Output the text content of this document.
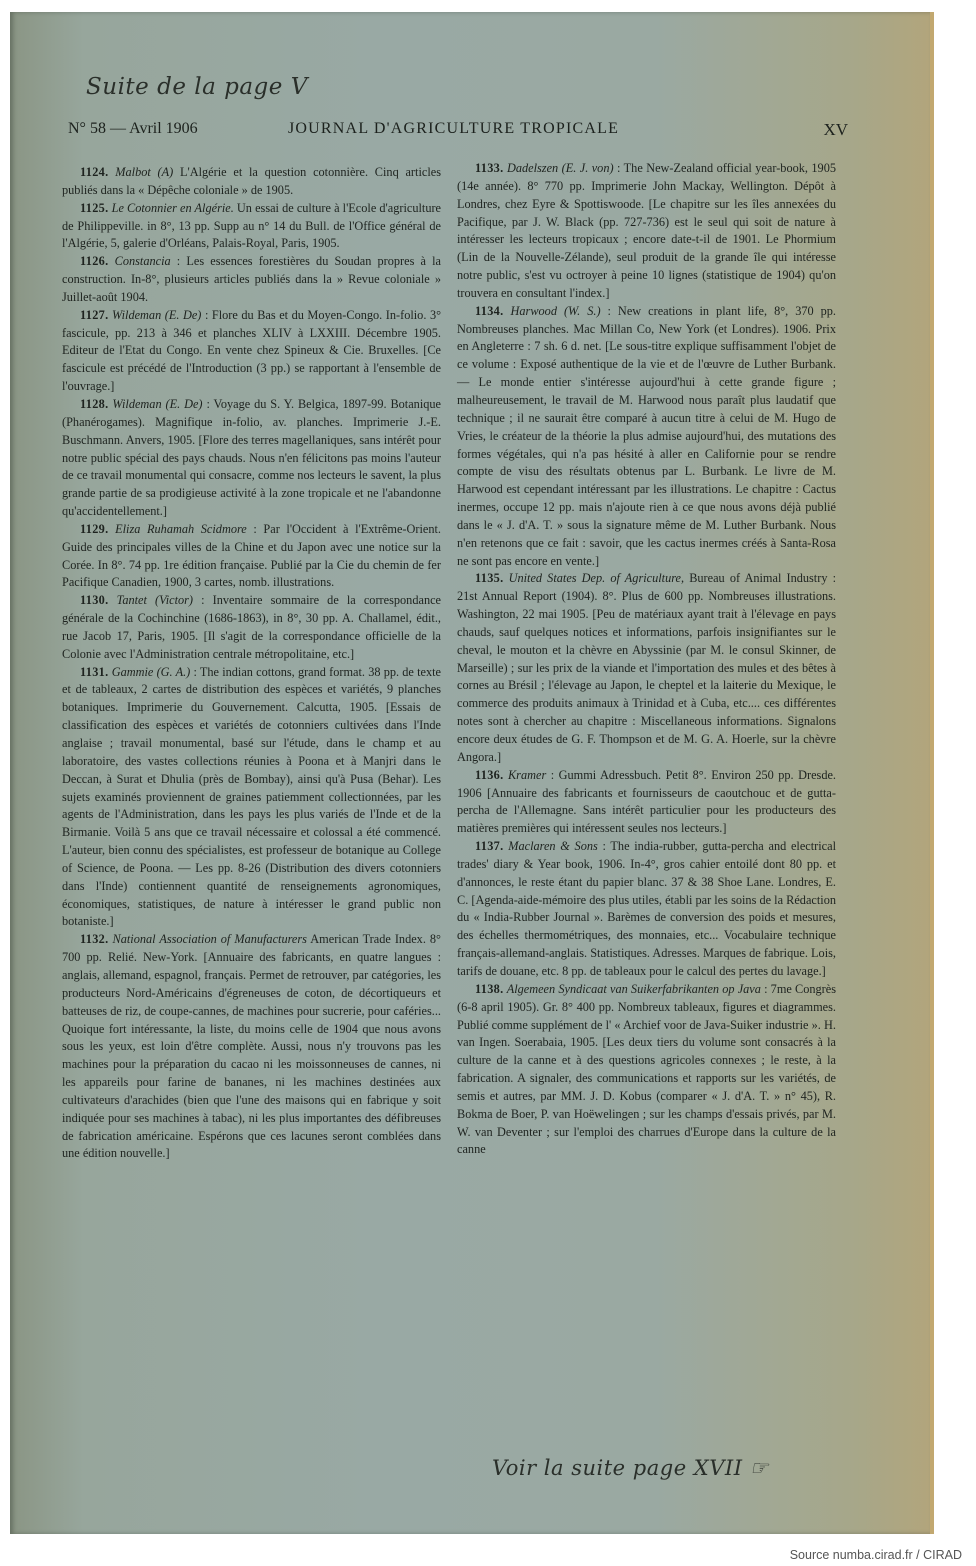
Suite de la page V
N° 58 — Avril 1906	JOURNAL D'AGRICULTURE TROPICALE	XV

1124. Malbot (A) L'Algérie et la question cotonnière. Cinq articles publiés dans la « Dépêche coloniale » de 1905.

1125. Le Cotonnier en Algérie. Un essai de culture à l'Ecole d'agriculture de Philippeville. in 8°, 13 pp. Supp au n° 14 du Bull. de l'Office général de l'Algérie, 5, galerie d'Orléans, Palais-Royal, Paris, 1905.

1126. Constancia : Les essences forestières du Soudan propres à la construction. In-8°, plusieurs articles publiés dans la » Revue coloniale » Juillet-août 1904.

1127. Wildeman (E. De) : Flore du Bas et du Moyen-Congo. In-folio. 3° fascicule, pp. 213 à 346 et planches XLIV à LXXIII. Décembre 1905. Editeur de l'Etat du Congo. En vente chez Spineux & Cie. Bruxelles. [Ce fascicule est précédé de l'Introduction (3 pp.) se rapportant à l'ensemble de l'ouvrage.]

1128. Wildeman (E. De) : Voyage du S. Y. Belgica, 1897-99. Botanique (Phanérogames). Magnifique in-folio, av. planches. Imprimerie J.-E. Buschmann. Anvers, 1905. [Flore des terres magellaniques, sans intérêt pour notre public spécial des pays chauds. Nous n'en félicitons pas moins l'auteur de ce travail monumental qui consacre, comme nos lecteurs le savent, la plus grande partie de sa prodigieuse activité à la zone tropicale et ne l'abandonne qu'accidentellement.]

1129. Eliza Ruhamah Scidmore : Par l'Occident à l'Extrême-Orient. Guide des principales villes de la Chine et du Japon avec une notice sur la Corée. In 8°. 74 pp. 1re édition française. Publié par la Cie du chemin de fer Pacifique Canadien, 1900, 3 cartes, nomb. illustrations.

1130. Tantet (Victor) : Inventaire sommaire de la correspondance générale de la Cochinchine (1686-1863), in 8°, 30 pp. A. Challamel, édit., rue Jacob 17, Paris, 1905. [Il s'agit de la correspondance officielle de la Colonie avec l'Administration centrale métropolitaine, etc.]

1131. Gammie (G. A.) : The indian cottons, grand format. 38 pp. de texte et de tableaux, 2 cartes de distribution des espèces et variétés, 9 planches botaniques. Imprimerie du Gouvernement. Calcutta, 1905. [Essais de classification des espèces et variétés de cotonniers cultivées dans l'Inde anglaise ; travail monumental, basé sur l'étude, dans le champ et au laboratoire, des vastes collections réunies à Poona et à Manjri dans le Deccan, à Surat et Dhulia (près de Bombay), ainsi qu'à Pusa (Behar). Les sujets examinés proviennent de graines patiemment collectionnées, par les agents de l'Administration, dans les pays les plus variés de l'Inde et de la Birmanie. Voilà 5 ans que ce travail nécessaire et colossal a été commencé. L'auteur, bien connu des spécialistes, est professeur de botanique au College of Science, de Poona. — Les pp. 8-26 (Distribution des divers cotonniers dans l'Inde) contiennent quantité de renseignements agronomiques, économiques, statistiques, de nature à intéresser le grand public non botaniste.]

1132. National Association of Manufacturers American Trade Index. 8° 700 pp. Relié. New-York. [Annuaire des fabricants, en quatre langues : anglais, allemand, espagnol, français. Permet de retrouver, par catégories, les producteurs Nord-Américains d'égreneuses de coton, de décortiqueurs et batteuses de riz, de coupe-cannes, de machines pour sucrerie, pour caféries... Quoique fort intéressante, la liste, du moins celle de 1904 que nous avons sous les yeux, est loin d'être complète. Aussi, nous n'y trouvons pas les machines pour la préparation du cacao ni les moissonneuses de cannes, ni les appareils pour farine de bananes, ni les machines destinées aux cultivateurs d'arachides (bien que l'une des maisons qui en fabrique y soit indiquée pour ses machines à tabac), ni les plus importantes des défibreuses de fabrication américaine. Espérons que ces lacunes seront comblées dans une édition nouvelle.]

1133. Dadelszen (E. J. von) : The New-Zealand official year-book, 1905 (14e année). 8° 770 pp. Imprimerie John Mackay, Wellington. Dépôt à Londres, chez Eyre & Spottiswoode. [Le chapitre sur les îles annexées du Pacifique, par J. W. Black (pp. 727-736) est le seul qui soit de nature à intéresser les lecteurs tropicaux ; encore date-t-il de 1901. Le Phormium (Lin de la Nouvelle-Zélande), seul produit de la grande île qui intéresse notre public, s'est vu octroyer à peine 10 lignes (statistique de 1904) qu'on trouvera en consultant l'index.]

1134. Harwood (W. S.) : New creations in plant life, 8°, 370 pp. Nombreuses planches. Mac Millan Co, New York (et Londres). 1906. Prix en Angleterre : 7 sh. 6 d. net. [Le sous-titre explique suffisamment l'objet de ce volume : Exposé authentique de la vie et de l'œuvre de Luther Burbank. — Le monde entier s'intéresse aujourd'hui à cette grande figure ; malheureusement, le travail de M. Harwood nous paraît plus laudatif que technique ; il ne saurait être comparé à aucun titre à celui de M. Hugo de Vries, le créateur de la théorie la plus admise aujourd'hui, des mutations des formes végétales, qui n'a pas hésité à aller en Californie pour se rendre compte de visu des résultats obtenus par L. Burbank. Le livre de M. Harwood est cependant intéressant par les illustrations. Le chapitre : Cactus inermes, occupe 12 pp. mais n'ajoute rien à ce que nous avons déjà publié dans le « J. d'A. T. » sous la signature même de M. Luther Burbank. Nous n'en retenons que ce fait : savoir, que les cactus inermes créés à Santa-Rosa ne sont pas encore en vente.]

1135. United States Dep. of Agriculture, Bureau of Animal Industry : 21st Annual Report (1904). 8°. Plus de 600 pp. Nombreuses illustrations. Washington, 22 mai 1905. [Peu de matériaux ayant trait à l'élevage en pays chauds, sauf quelques notices et informations, parfois insignifiantes sur le cheval, le mouton et la chèvre en Abyssinie (par M. le consul Skinner, de Marseille) ; sur les prix de la viande et l'importation des mules et des bêtes à cornes au Brésil ; l'élevage au Japon, le cheptel et la laiterie du Mexique, le commerce des produits animaux à Trinidad et à Cuba, etc.... ces différentes notes sont à chercher au chapitre : Miscellaneous informations. Signalons encore deux études de G. F. Thompson et de M. G. A. Hoerle, sur la chèvre Angora.]

1136. Kramer : Gummi Adressbuch. Petit 8°. Environ 250 pp. Dresde. 1906 [Annuaire des fabricants et fournisseurs de caoutchouc et de gutta-percha de l'Allemagne. Sans intérêt particulier pour les producteurs des matières premières qui intéressent seules nos lecteurs.]

1137. Maclaren & Sons : The india-rubber, gutta-percha and electrical trades' diary & Year book, 1906. In-4°, gros cahier entoilé dont 80 pp. et d'annonces, le reste étant du papier blanc. 37 & 38 Shoe Lane. Londres, E. C. [Agenda-aide-mémoire des plus utiles, établi par les soins de la Rédaction du « India-Rubber Journal ». Barèmes de conversion des poids et mesures, des échelles thermométriques, des monnaies, etc... Vocabulaire technique français-allemand-anglais. Statistiques. Adresses. Marques de fabrique. Lois, tarifs de douane, etc. 8 pp. de tableaux pour le calcul des pertes du lavage.]

1138. Algemeen Syndicaat van Suikerfabrikanten op Java : 7me Congrès (6-8 april 1905). Gr. 8° 400 pp. Nombreux tableaux, figures et diagrammes. Publié comme supplément de l' « Archief voor de Java-Suiker industrie ». H. van Ingen. Soerabaia, 1905. [Les deux tiers du volume sont consacrés à la culture de la canne et à des questions agricoles connexes ; le reste, à la fabrication. A signaler, des communications et rapports sur les variétés, de semis et autres, par MM. J. D. Kobus (comparer « J. d'A. T. » n° 45), R. Bokma de Boer, P. van Hoëwelingen ; sur les champs d'essais privés, par M. W. van Deventer ; sur l'emploi des charrues d'Europe dans la culture de la canne

Voir la suite page XVII ☞
Source numba.cirad.fr / CIRAD
